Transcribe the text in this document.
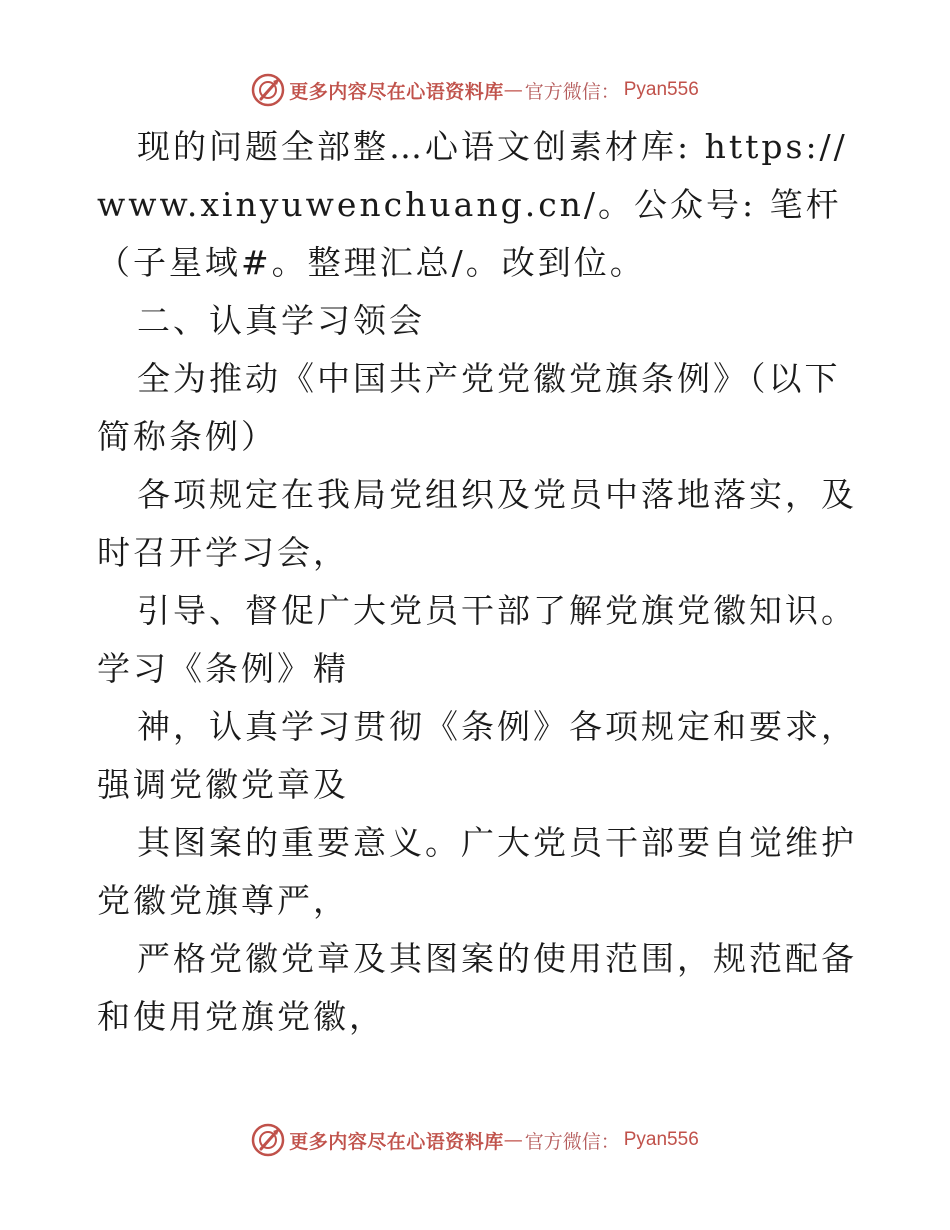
更多内容尽在心语资料库 — 官方微信： Pyan556

现的问题全部整…心语文创素材库: https:// www.xinyuwenchuang.cn/。公众号: 笔杆（子星域#。整理汇总/。改到位。

二、认真学习领会

全为推动《中国共产党党徽党旗条例》（以下简称条例）

各项规定在我局党组织及党员中落地落实，及时召开学习会，

引导、督促广大党员干部了解党旗党徽知识。学习《条例》精

神，认真学习贯彻《条例》各项规定和要求，强调党徽党章及

其图案的重要意义。广大党员干部要自觉维护党徽党旗尊严，

严格党徽党章及其图案的使用范围，规范配备和使用党旗党徽，

更多内容尽在心语资料库 — 官方微信： Pyan556
